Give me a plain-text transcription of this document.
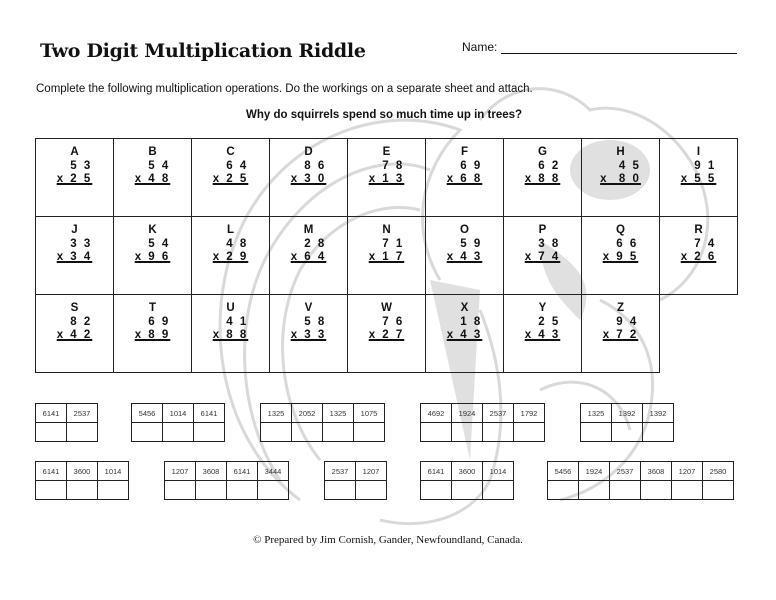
Two Digit Multiplication Riddle	Name:
Complete the following multiplication operations. Do the workings on a separate sheet and attach.
Why do squirrels spend so much time up in trees?
A
5 3
x 2 5	B
5 4
x 4 8	C
6 4
x 2 5	D
8 6
x 3 0	E
7 8
x 1 3	F
6 9
x 6 8	G
6 2
x 8 8	H
4 5
x  8 0	I
9 1
x 5 5

J
3 3
x 3 4	K
5 4
x 9 6	L
4 8
x 2 9	M
2 8
x 6 4	N
7 1
x 1 7	O
5 9
x 4 3	P
3 8
x 7 4	Q
6 6
x 9 5	R
7 4
x 2 6

S
8 2
x 4 2	T
6 9
x 8 9	U
4 1
x 8 8	V
5 8
x 3 3	W
7 6
x 2 7	X
1 8
x 4 3	Y
2 5
x 4 3	Z
9 4
x 7 2	
6141	2537
		5456	1014	6141
			1325	2052	1325	1075
				4692	1924	2537	1792
				1325	1392	1392

6141	3600	1014
			1207	3608	6141	3444
				2537	1207
		6141	3600	1014
			5456	1924	2537	3608	1207	2580

© Prepared by Jim Cornish, Gander, Newfoundland, Canada.
